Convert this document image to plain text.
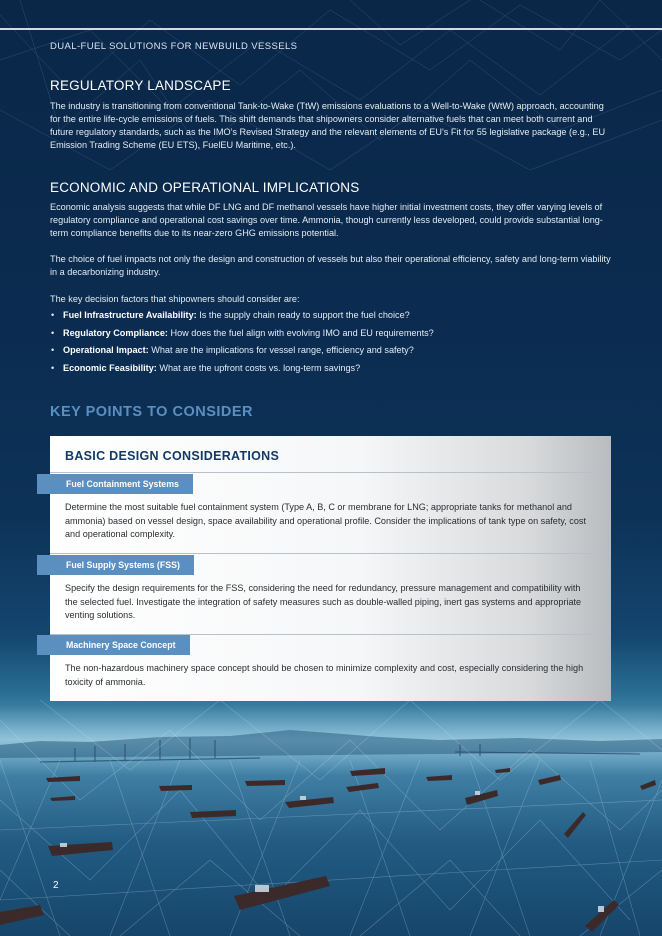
DUAL-FUEL SOLUTIONS FOR NEWBUILD VESSELS
REGULATORY LANDSCAPE

The industry is transitioning from conventional Tank-to-Wake (TtW) emissions evaluations to a Well-to-Wake (WtW) approach, accounting for the entire life-cycle emissions of fuels. This shift demands that shipowners consider alternative fuels that can meet both current and future regulatory standards, such as the IMO’s Revised Strategy and the relevant elements of EU’s Fit for 55 legislative package (e.g., EU Emission Trading Scheme (EU ETS), FuelEU Maritime, etc.).

ECONOMIC AND OPERATIONAL IMPLICATIONS

Economic analysis suggests that while DF LNG and DF methanol vessels have higher initial investment costs, they offer varying levels of regulatory compliance and operational cost savings over time. Ammonia, though currently less developed, could provide substantial long-term compliance benefits due to its near-zero GHG emissions potential.

The choice of fuel impacts not only the design and construction of vessels but also their operational efficiency, safety and long-term viability in a decarbonizing industry.

The key decision factors that shipowners should consider are:

• Fuel Infrastructure Availability: Is the supply chain ready to support the fuel choice?
• Regulatory Compliance: How does the fuel align with evolving IMO and EU requirements?
• Operational Impact: What are the implications for vessel range, efficiency and safety?
• Economic Feasibility: What are the upfront costs vs. long-term savings?
KEY POINTS TO CONSIDER
BASIC DESIGN CONSIDERATIONS

Determine the most suitable fuel containment system (Type A, B, C or membrane for LNG; appropriate tanks for methanol and ammonia) based on vessel design, space availability and operational profile. Consider the implications of tank type on safety, cost and operational complexity.

Specify the design requirements for the FSS, considering the need for redundancy, pressure management and compatibility with the selected fuel. Investigate the integration of safety measures such as double-walled piping, inert gas systems and appropriate venting solutions.

The non-hazardous machinery space concept should be chosen to minimize complexity and cost, especially considering the high toxicity of ammonia.

Fuel Containment Systems
Fuel Supply Systems (FSS)
Machinery Space Concept
2
